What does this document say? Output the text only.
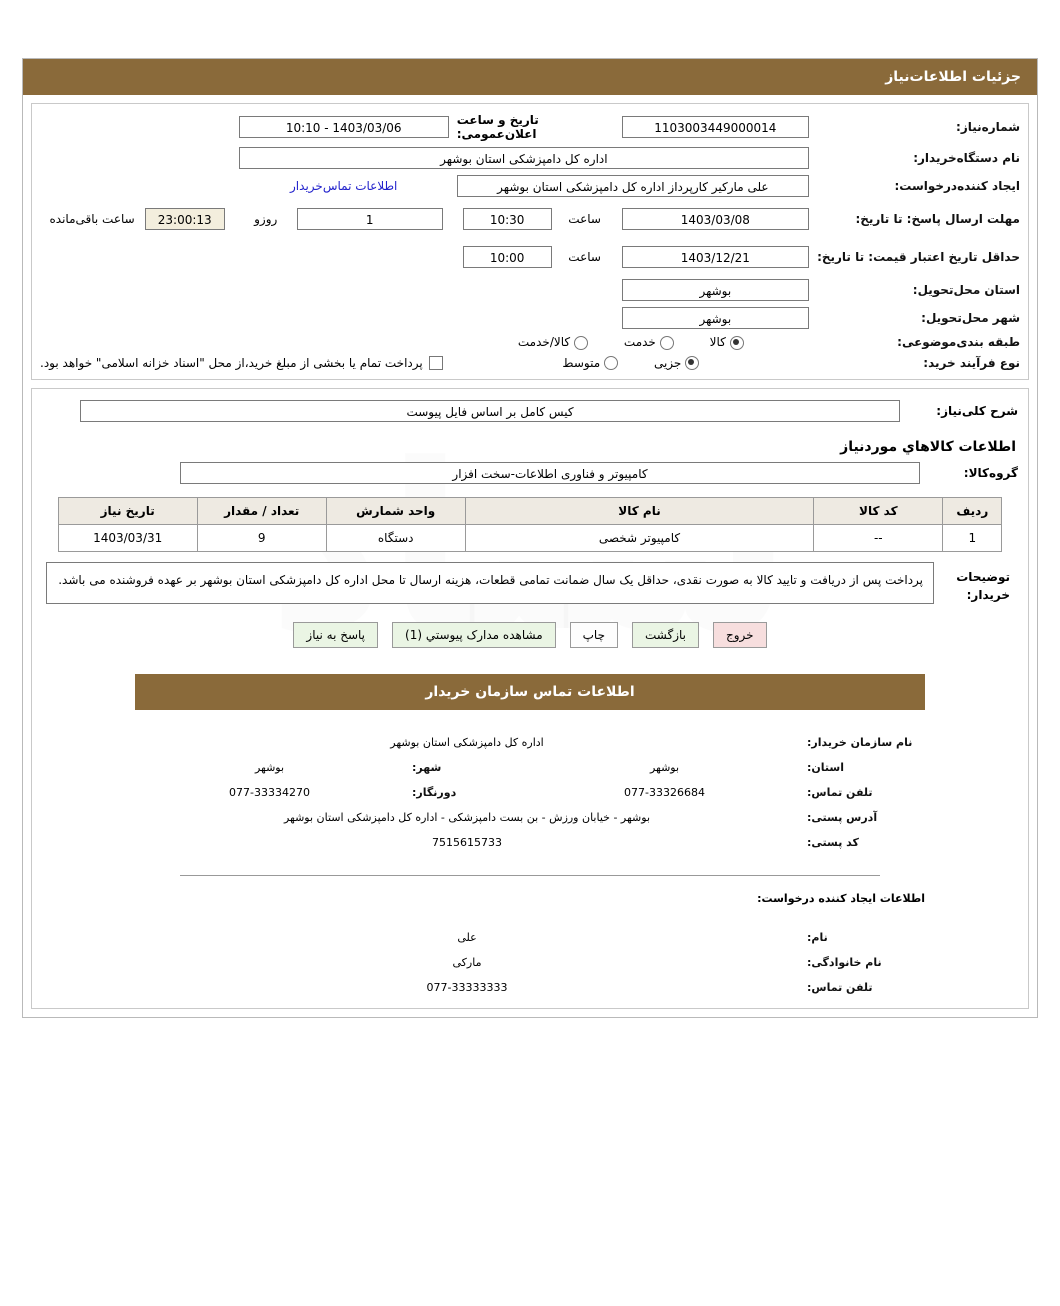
جزئیات اطلاعات‌نیاز
شماره‌نیاز:	
1103003449000014
	تاریخ و ساعت اعلان‌عمومی:	
1403/03/06 - 10:10

نام دستگاه‌خریدار:	
اداره کل دامپزشکی استان بوشهر

ایجاد کننده‌درخواست:	
علی مارکیر کارپرداز اداره کل دامپزشکی استان بوشهر
	اطلاعات تماس‌خریدار	
مهلت ارسال پاسخ: تا تاریخ:	
1403/03/08

ساعت	
10:30

1
	روزو

23:00:13
	ساعت باقی‌مانده

حداقل تاریخ اعتبار قیمت: تا تاریخ:	
1403/12/21

ساعت	
10:00

استان محل‌تحویل:	
بوشهر

شهر محل‌تحویل:	
بوشهر

طبقه بندی‌موضوعی:	کالا خدمت کالا/خدمت		
نوع فرآیند خرید:	جزیی متوسط	پرداخت تمام یا بخشی از مبلغ خرید،از محل "اسناد خزانه اسلامی" خواهد بود.
شرح کلی‌نیاز:	
کیس کامل بر اساس فایل پیوست

اطلاعات کالاهاي موردنیاز
گروه‌کالا:	
کامپیوتر و فناوری اطلاعات-سخت افزار

ردیف	کد کالا	نام کالا	واحد شمارش	تعداد / مقدار	تاریخ نیاز
1	--	کامپیوتر شخصی	دستگاه	9	1403/03/31
توضیحات خریدار:
پرداخت پس از دریافت و تایید کالا به صورت نقدی، حداقل یک سال ضمانت تمامی قطعات، هزینه ارسال تا محل اداره کل دامپزشکی استان بوشهر بر عهده فروشنده می باشد.
خروج
بازگشت
چاپ
مشاهده مدارک پیوستي (1)
پاسخ به نیاز
اطلاعات تماس سازمان خریدار
نام سازمان خریدار:	اداره کل دامپزشکی استان بوشهر		
استان:	بوشهر	شهر:	بوشهر
تلفن تماس:	077-33326684	دورنگار:	077-33334270
آدرس پستی:	بوشهر - خیابان ورزش - بن بست دامپزشکی - اداره کل دامپزشکی استان بوشهر		
کد پستی:	7515615733		
اطلاعات ایجاد کننده درخواست:
نام:	علی
نام خانوادگی:	مارکی
تلفن تماس:	077-33333333
